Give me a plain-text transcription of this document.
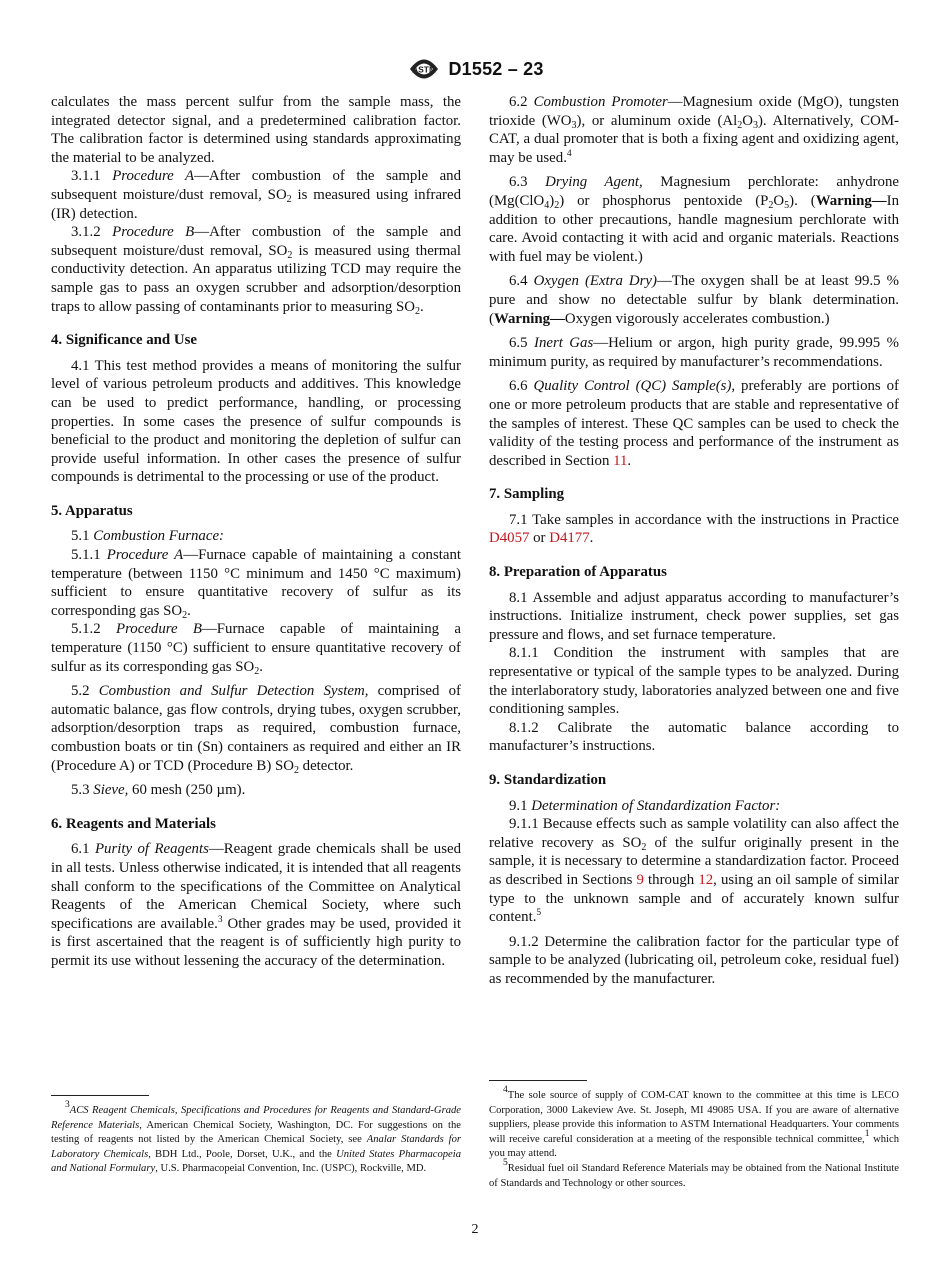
ASTM D1552 – 23

calculates the mass percent sulfur from the sample mass, the integrated detector signal, and a predetermined calibration factor. The calibration factor is determined using standards approximating the material to be analyzed.

3.1.1 Procedure A—After combustion of the sample and subsequent moisture/dust removal, $SO_2$ is measured using infrared (IR) detection.

3.1.2 Procedure B—After combustion of the sample and subsequent moisture/dust removal, $SO_2$ is measured using thermal conductivity detection. An apparatus utilizing TCD may require the sample gas to pass an oxygen scrubber and adsorption/desorption traps to allow passing of contaminants prior to measuring $SO_2$.

4. Significance and Use

4.1 This test method provides a means of monitoring the sulfur level of various petroleum products and additives. This knowledge can be used to predict performance, handling, or processing properties. In some cases the presence of sulfur compounds is beneficial to the product and monitoring the depletion of sulfur can provide useful information. In other cases the presence of sulfur compounds is detrimental to the processing or use of the product.

5. Apparatus

5.1 Combustion Furnace:

5.1.1 Procedure A—Furnace capable of maintaining a constant temperature (between 1150 °C minimum and 1450 °C maximum) sufficient to ensure quantitative recovery of sulfur as its corresponding gas $SO_2$.

5.1.2 Procedure B—Furnace capable of maintaining a temperature (1150 °C) sufficient to ensure quantitative recovery of sulfur as its corresponding gas $SO_2$.

5.2 Combustion and Sulfur Detection System, comprised of automatic balance, gas flow controls, drying tubes, oxygen scrubber, adsorption/desorption traps as required, combustion furnace, combustion boats or tin (Sn) containers as required and either an IR (Procedure A) or TCD (Procedure B) $SO_2$ detector.

5.3 Sieve, 60 mesh (250 µm).

6. Reagents and Materials

6.1 Purity of Reagents—Reagent grade chemicals shall be used in all tests. Unless otherwise indicated, it is intended that all reagents shall conform to the specifications of the Committee on Analytical Reagents of the American Chemical Society, where such specifications are available.$^3$ Other grades may be used, provided it is first ascertained that the reagent is of sufficiently high purity to permit its use without lessening the accuracy of the determination.

$^3$ACS Reagent Chemicals, Specifications and Procedures for Reagents and Standard-Grade Reference Materials, American Chemical Society, Washington, DC. For suggestions on the testing of reagents not listed by the American Chemical Society, see Analar Standards for Laboratory Chemicals, BDH Ltd., Poole, Dorset, U.K., and the United States Pharmacopeia and National Formulary, U.S. Pharmacopeial Convention, Inc. (USPC), Rockville, MD.

6.2 Combustion Promoter—Magnesium oxide (MgO), tungsten trioxide $(WO_3)$, or aluminum oxide $(Al_2O_3)$. Alternatively, COM-CAT, a dual promoter that is both a fixing agent and oxidizing agent, may be used.$^4$

6.3 Drying Agent, Magnesium perchlorate: anhydrone $(Mg(ClO_4)_2)$ or phosphorus pentoxide $(P_2O_5)$. (Warning—In addition to other precautions, handle magnesium perchlorate with care. Avoid contacting it with acid and organic materials. Reactions with fuel may be violent.)

6.4 Oxygen (Extra Dry)—The oxygen shall be at least 99.5 % pure and show no detectable sulfur by blank determination. (Warning—Oxygen vigorously accelerates combustion.)

6.5 Inert Gas—Helium or argon, high purity grade, 99.995 % minimum purity, as required by manufacturer’s recommendations.

6.6 Quality Control (QC) Sample(s), preferably are portions of one or more petroleum products that are stable and representative of the samples of interest. These QC samples can be used to check the validity of the testing process and performance of the instrument as described in Section 11.

7. Sampling

7.1 Take samples in accordance with the instructions in Practice D4057 or D4177.

8. Preparation of Apparatus

8.1 Assemble and adjust apparatus according to manufacturer’s instructions. Initialize instrument, check power supplies, set gas pressure and flows, and set furnace temperature.

8.1.1 Condition the instrument with samples that are representative or typical of the sample types to be analyzed. During the interlaboratory study, laboratories analyzed between one and five conditioning samples.

8.1.2 Calibrate the automatic balance according to manufacturer’s instructions.

9. Standardization

9.1 Determination of Standardization Factor:

9.1.1 Because effects such as sample volatility can also affect the relative recovery as $SO_2$ of the sulfur originally present in the sample, it is necessary to determine a standardization factor. Proceed as described in Sections 9 through 12, using an oil sample of similar type to the unknown sample and of accurately known sulfur content.$^5$

9.1.2 Determine the calibration factor for the particular type of sample to be analyzed (lubricating oil, petroleum coke, residual fuel) as recommended by the manufacturer.

$^4$The sole source of supply of COM-CAT known to the committee at this time is LECO Corporation, 3000 Lakeview Ave. St. Joseph, MI 49085 USA. If you are aware of alternative suppliers, please provide this information to ASTM International Headquarters. Your comments will receive careful consideration at a meeting of the responsible technical committee,$^1$ which you may attend.

$^5$Residual fuel oil Standard Reference Materials may be obtained from the National Institute of Standards and Technology or other sources.

2
